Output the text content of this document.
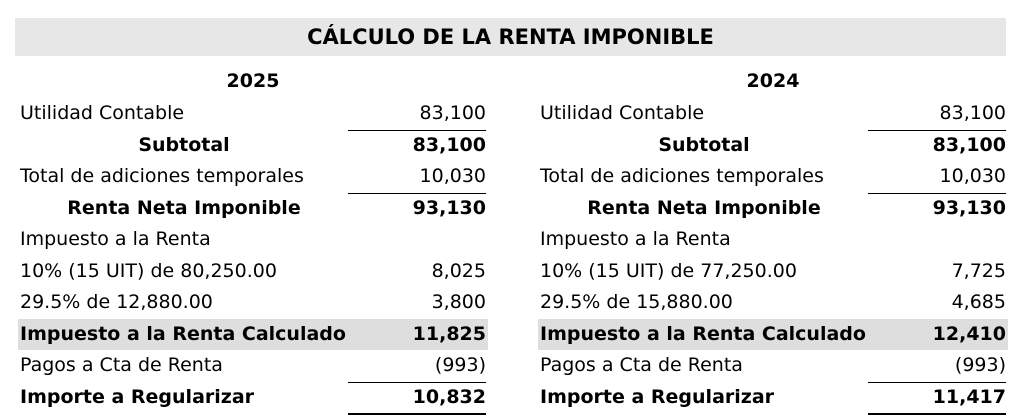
CÁLCULO DE LA RENTA IMPONIBLE
2025
Utilidad Contable	83,100
Subtotal	83,100
Total de adiciones temporales	10,030
Renta Neta Imponible	93,130
Impuesto a la Renta
10% (15 UIT) de 80,250.00	8,025
29.5% de 12,880.00	3,800
Impuesto a la Renta Calculado	11,825
Pagos a Cta de Renta	(993)
Importe a Regularizar	10,832
2024
Utilidad Contable	83,100
Subtotal	83,100
Total de adiciones temporales	10,030
Renta Neta Imponible	93,130
Impuesto a la Renta
10% (15 UIT) de 77,250.00	7,725
29.5% de 15,880.00	4,685
Impuesto a la Renta Calculado	12,410
Pagos a Cta de Renta	(993)
Importe a Regularizar	11,417
